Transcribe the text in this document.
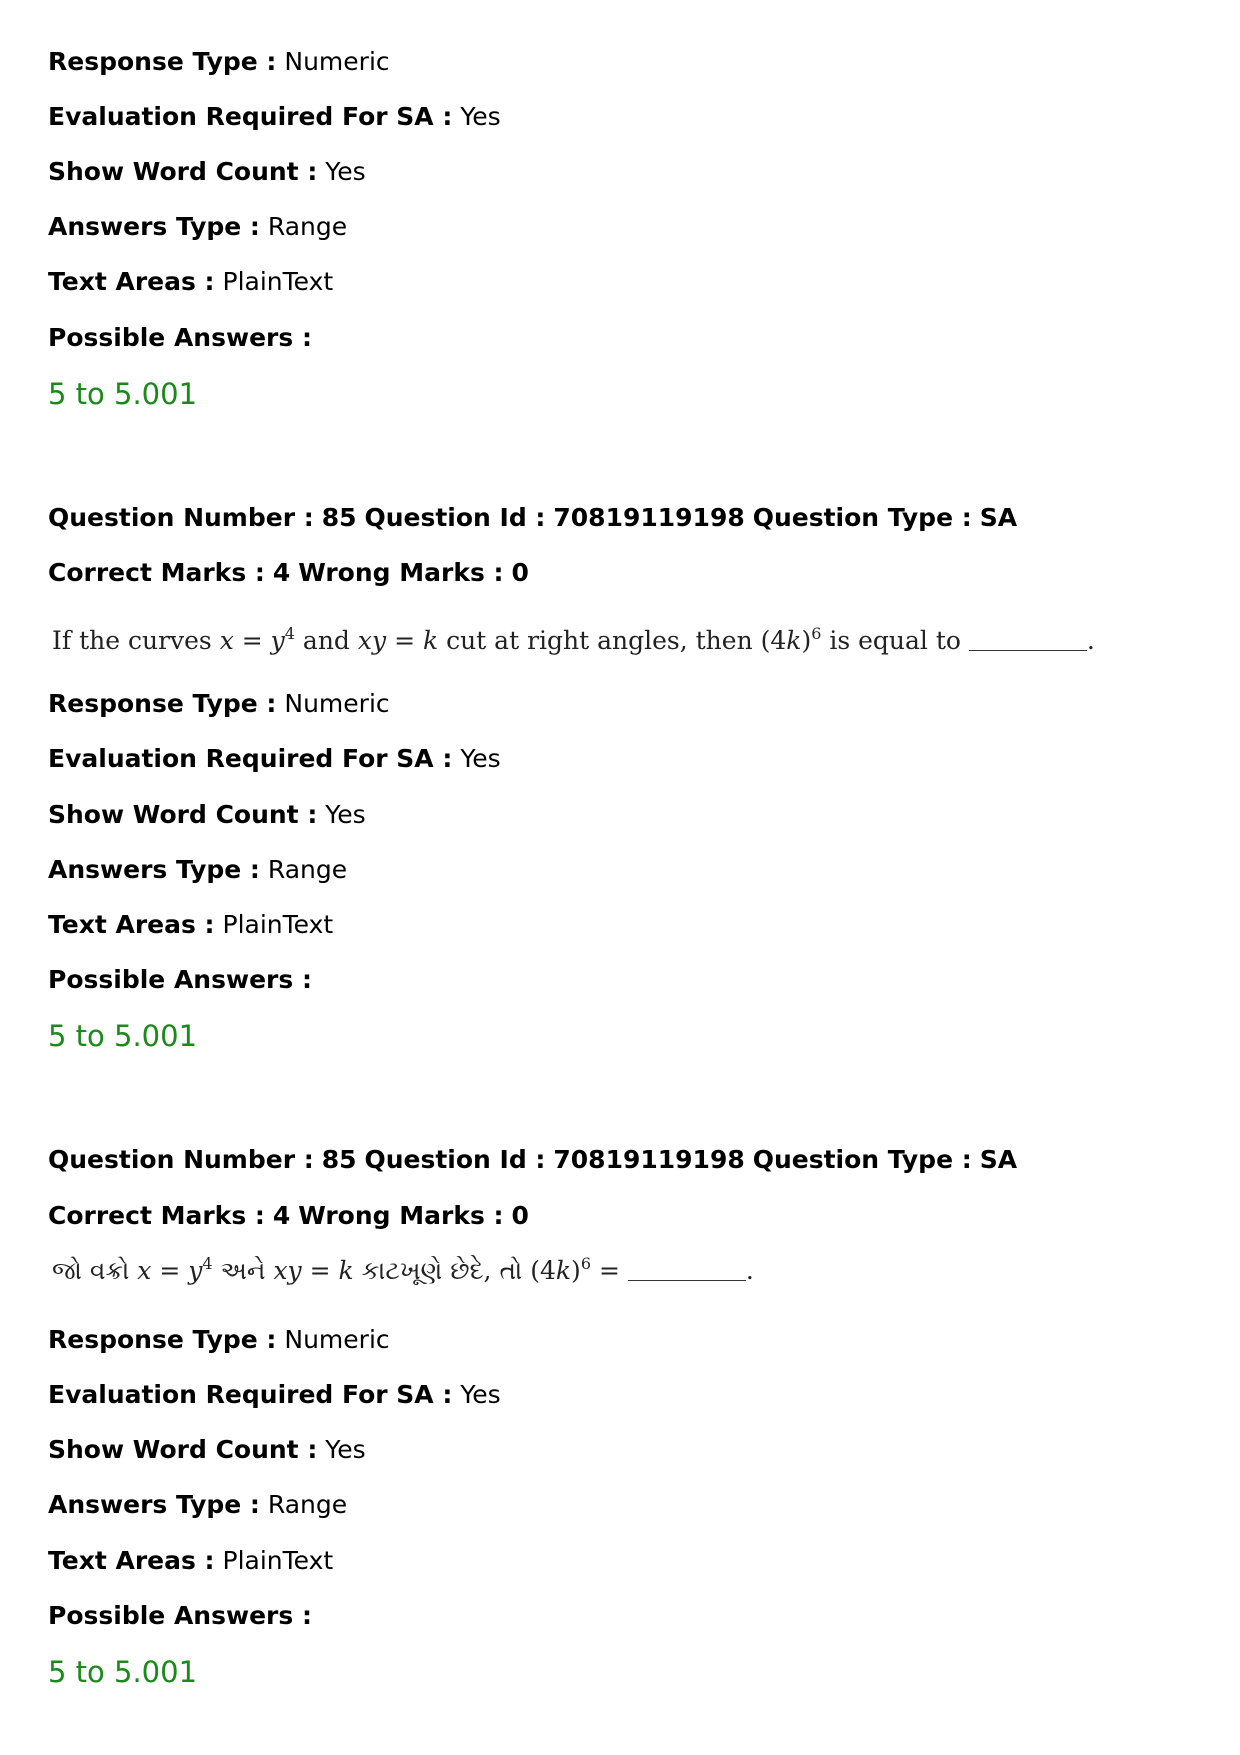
Response Type : Numeric
Evaluation Required For SA : Yes
Show Word Count : Yes
Answers Type : Range
Text Areas : PlainText
Possible Answers :
5 to 5.001
Question Number : 85 Question Id : 70819119198 Question Type : SA
Correct Marks : 4 Wrong Marks : 0
If the curves $x = y^4$ and xy = k cut at right angles, then $(4k)^6$ is equal to	.
Response Type : Numeric
Evaluation Required For SA : Yes
Show Word Count : Yes
Answers Type : Range
Text Areas : PlainText
Possible Answers :
5 to 5.001
Question Number : 85 Question Id : 70819119198 Question Type : SA
Correct Marks : 4 Wrong Marks : 0
જો વક્રો $x = y^4$ અને xy = k કાટખૂણે છેદે, તો $(4k)^6$ =	.
Response Type : Numeric
Evaluation Required For SA : Yes
Show Word Count : Yes
Answers Type : Range
Text Areas : PlainText
Possible Answers :
5 to 5.001
